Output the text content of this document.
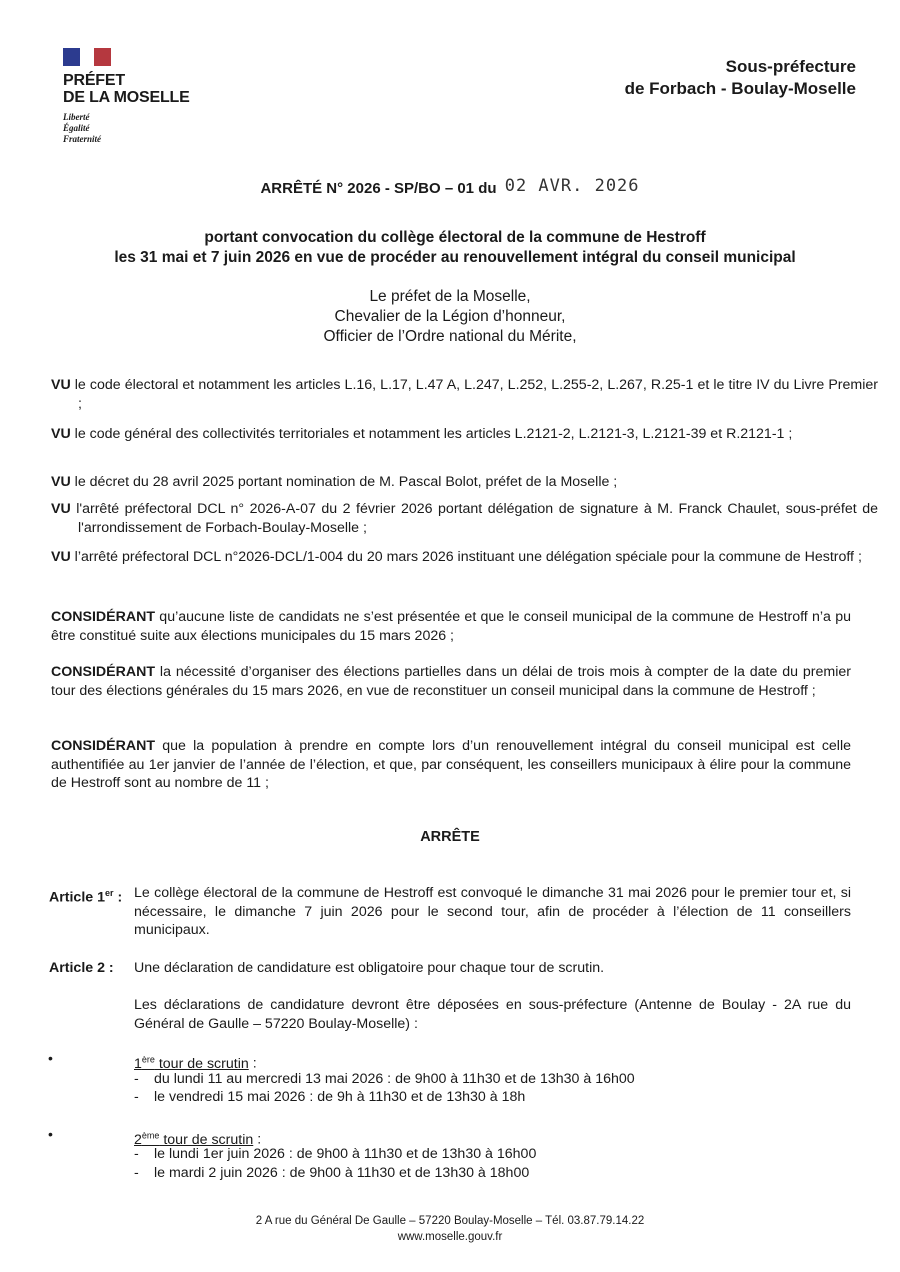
PRÉFET
DE LA MOSELLE
Liberté
Égalité
Fraternité
Sous-préfecture
de Forbach - Boulay-Moselle
ARRÊTÉ N° 2026 - SP/BO – 01 du 02 AVR. 2026
portant convocation du collège électoral de la commune de Hestroff
les 31 mai et 7 juin 2026 en vue de procéder au renouvellement intégral du conseil municipal
Le préfet de la Moselle,
Chevalier de la Légion d’honneur,
Officier de l’Ordre national du Mérite,
VU le code électoral et notamment les articles L.16, L.17, L.47 A, L.247, L.252, L.255-2, L.267, R.25-1 et le titre IV du Livre Premier ;
VU le code général des collectivités territoriales et notamment les articles L.2121-2, L.2121-3, L.2121-39 et R.2121-1 ;
VU le décret du 28 avril 2025 portant nomination de M. Pascal Bolot, préfet de la Moselle ;
VU l'arrêté préfectoral DCL n° 2026-A-07 du 2 février 2026 portant délégation de signature à M. Franck Chaulet, sous-préfet de l'arrondissement de Forbach-Boulay-Moselle ;
VU l’arrêté préfectoral DCL n°2026-DCL/1-004 du 20 mars 2026 instituant une délégation spéciale pour la commune de Hestroff ;
CONSIDÉRANT qu’aucune liste de candidats ne s’est présentée et que le conseil municipal de la commune de Hestroff n’a pu être constitué suite aux élections municipales du 15 mars 2026 ;
CONSIDÉRANT la nécessité d’organiser des élections partielles dans un délai de trois mois à compter de la date du premier tour des élections générales du 15 mars 2026, en vue de reconstituer un conseil municipal dans la commune de Hestroff ;
CONSIDÉRANT que la population à prendre en compte lors d’un renouvellement intégral du conseil municipal est celle authentifiée au 1er janvier de l’année de l’élection, et que, par conséquent, les conseillers municipaux à élire pour la commune de Hestroff sont au nombre de 11 ;
ARRÊTE
Article 1er : Le collège électoral de la commune de Hestroff est convoqué le dimanche 31 mai 2026 pour le premier tour et, si nécessaire, le dimanche 7 juin 2026 pour le second tour, afin de procéder à l’élection de 11 conseillers municipaux.
Article 2 : Une déclaration de candidature est obligatoire pour chaque tour de scrutin.
Les déclarations de candidature devront être déposées en sous-préfecture (Antenne de Boulay - 2A rue du Général de Gaulle – 57220 Boulay-Moselle) :
•	1ère tour de scrutin :
- du lundi 11 au mercredi 13 mai 2026 : de 9h00 à 11h30 et de 13h30 à 16h00
- le vendredi 15 mai 2026 : de 9h à 11h30 et de 13h30 à 18h
•	2ème tour de scrutin :
- le lundi 1er juin 2026 : de 9h00 à 11h30 et de 13h30 à 16h00
- le mardi 2 juin 2026 : de 9h00 à 11h30 et de 13h30 à 18h00
2 A rue du Général De Gaulle – 57220 Boulay-Moselle – Tél. 03.87.79.14.22
www.moselle.gouv.fr
